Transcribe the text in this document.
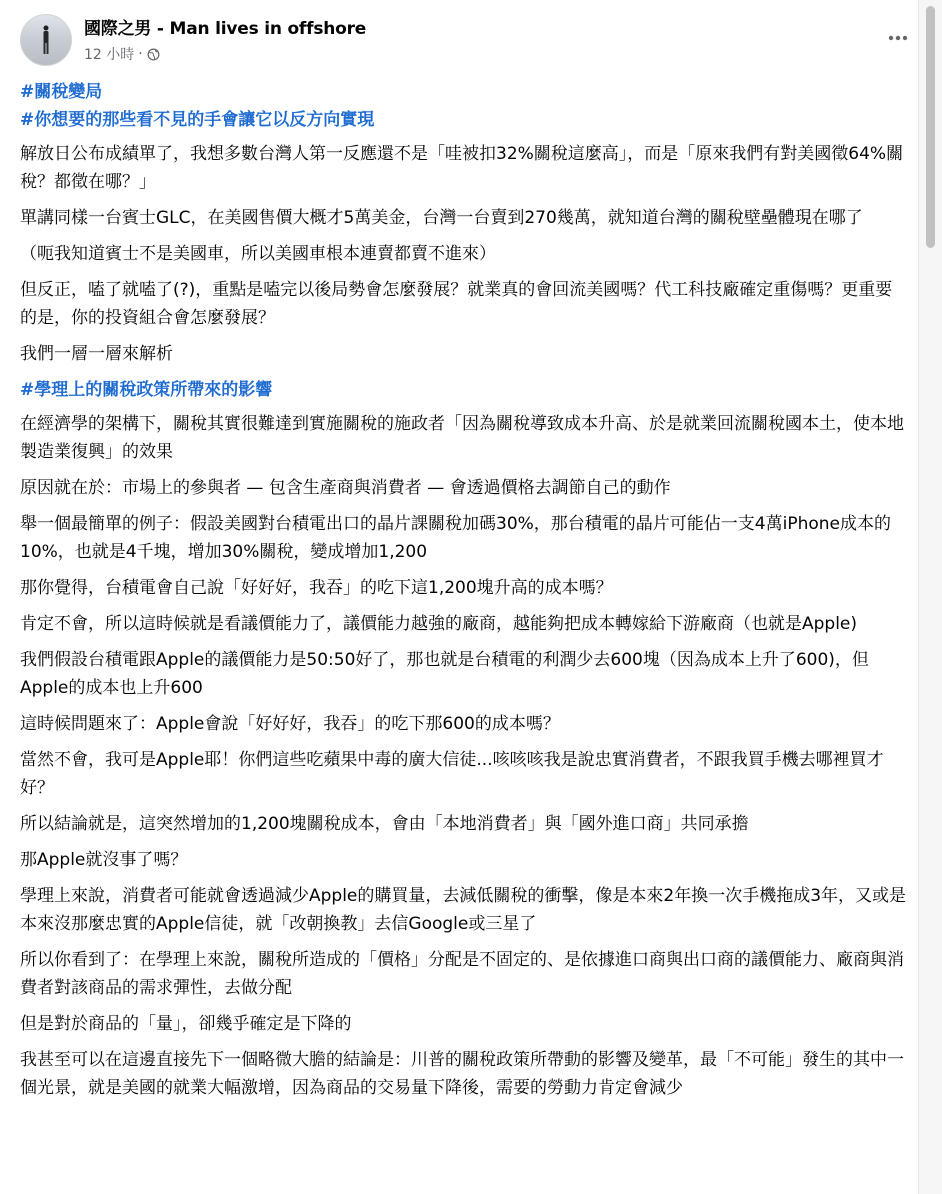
國際之男 - Man lives in offshore
12 小時 ·

#關稅變局
#你想要的那些看不見的手會讓它以反方向實現

解放日公布成績單了，我想多數台灣人第一反應還不是「哇被扣32%關稅這麼高」，而是「原來我們有對美國徵64%關稅？都徵在哪？」

單講同樣一台賓士GLC，在美國售價大概才5萬美金，台灣一台賣到270幾萬，就知道台灣的關稅壁壘體現在哪了

（呃我知道賓士不是美國車，所以美國車根本連賣都賣不進來）

但反正，嗑了就嗑了(?)，重點是嗑完以後局勢會怎麼發展？就業真的會回流美國嗎？代工科技廠確定重傷嗎？更重要的是，你的投資組合會怎麼發展？

我們一層一層來解析

#學理上的關稅政策所帶來的影響

在經濟學的架構下，關稅其實很難達到實施關稅的施政者「因為關稅導致成本升高、於是就業回流關稅國本土，使本地製造業復興」的效果

原因就在於：市場上的參與者 — 包含生產商與消費者 — 會透過價格去調節自己的動作

舉一個最簡單的例子：假設美國對台積電出口的晶片課關稅加碼30%，那台積電的晶片可能佔一支4萬iPhone成本的10%，也就是4千塊，增加30%關稅，變成增加1,200

那你覺得，台積電會自己說「好好好，我吞」的吃下這1,200塊升高的成本嗎？

肯定不會，所以這時候就是看議價能力了，議價能力越強的廠商，越能夠把成本轉嫁給下游廠商（也就是Apple)

我們假設台積電跟Apple的議價能力是50:50好了，那也就是台積電的利潤少去600塊（因為成本上升了600)，但Apple的成本也上升600

這時候問題來了：Apple會說「好好好，我吞」的吃下那600的成本嗎？

當然不會，我可是Apple耶！你們這些吃蘋果中毒的廣大信徒...咳咳咳我是說忠實消費者，不跟我買手機去哪裡買才好？

所以結論就是，這突然增加的1,200塊關稅成本，會由「本地消費者」與「國外進口商」共同承擔

那Apple就沒事了嗎？

學理上來說，消費者可能就會透過減少Apple的購買量，去減低關稅的衝擊，像是本來2年換一次手機拖成3年，又或是本來沒那麼忠實的Apple信徒，就「改朝換教」去信Google或三星了

所以你看到了：在學理上來說，關稅所造成的「價格」分配是不固定的、是依據進口商與出口商的議價能力、廠商與消費者對該商品的需求彈性，去做分配

但是對於商品的「量」，卻幾乎確定是下降的

我甚至可以在這邊直接先下一個略微大膽的結論是：川普的關稅政策所帶動的影響及變革，最「不可能」發生的其中一個光景，就是美國的就業大幅激增，因為商品的交易量下降後，需要的勞動力肯定會減少
